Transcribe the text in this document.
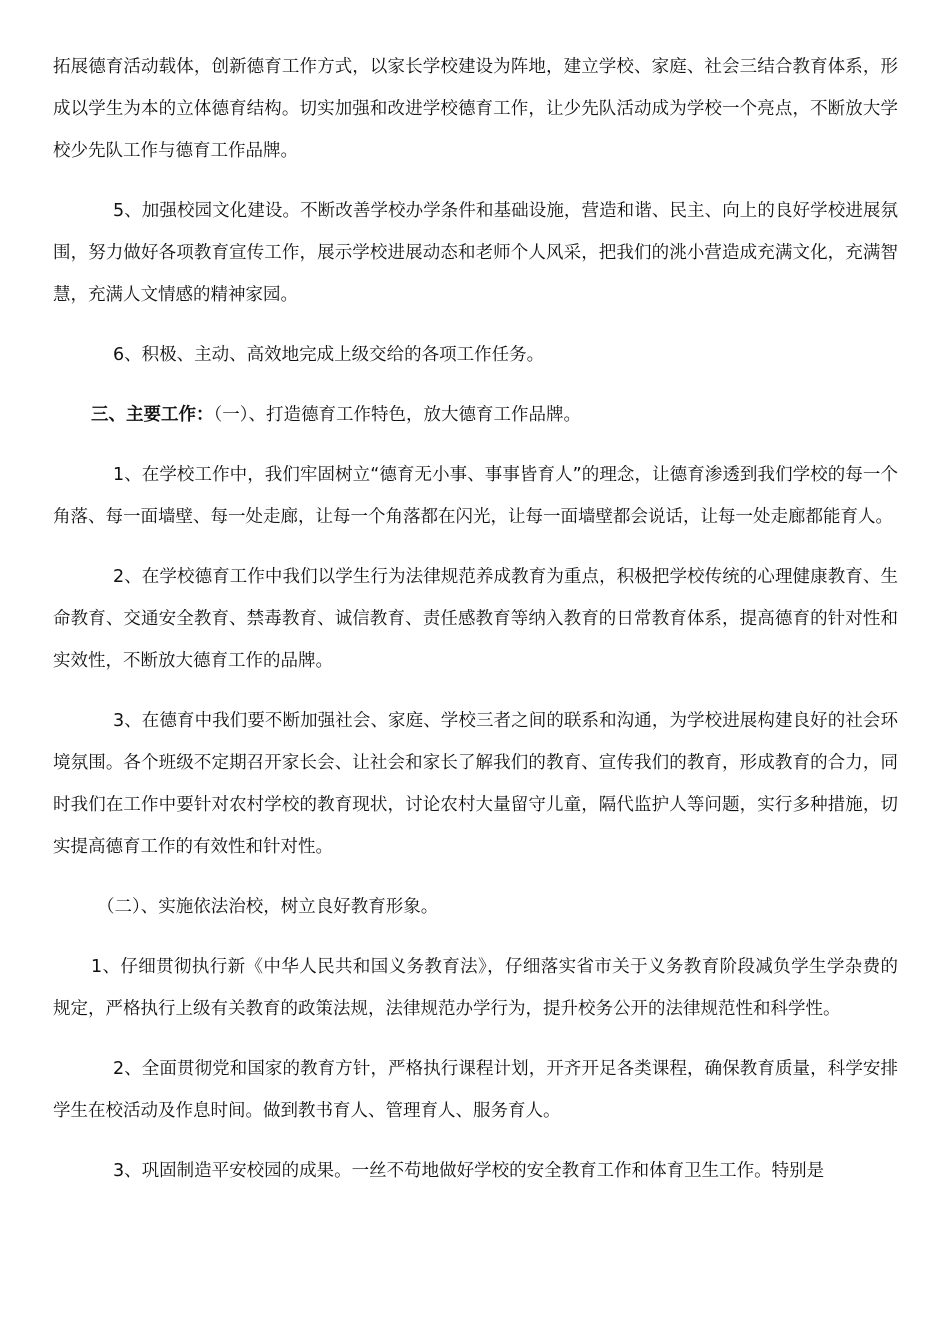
拓展德育活动载体，创新德育工作方式，以家长学校建设为阵地，建立学校、家庭、社会三结合教育体系，形成以学生为本的立体德育结构。切实加强和改进学校德育工作，让少先队活动成为学校一个亮点，不断放大学校少先队工作与德育工作品牌。

5、加强校园文化建设。不断改善学校办学条件和基础设施，营造和谐、民主、向上的良好学校进展氛围，努力做好各项教育宣传工作，展示学校进展动态和老师个人风采，把我们的洮小营造成充满文化，充满智慧，充满人文情感的精神家园。

6、积极、主动、高效地完成上级交给的各项工作任务。

三、主要工作：（一）、打造德育工作特色，放大德育工作品牌。

1、在学校工作中，我们牢固树立“德育无小事、事事皆育人”的理念，让德育渗透到我们学校的每一个角落、每一面墙壁、每一处走廊，让每一个角落都在闪光，让每一面墙壁都会说话，让每一处走廊都能育人。

2、在学校德育工作中我们以学生行为法律规范养成教育为重点，积极把学校传统的心理健康教育、生命教育、交通安全教育、禁毒教育、诚信教育、责任感教育等纳入教育的日常教育体系，提高德育的针对性和实效性，不断放大德育工作的品牌。

3、在德育中我们要不断加强社会、家庭、学校三者之间的联系和沟通，为学校进展构建良好的社会环境氛围。各个班级不定期召开家长会、让社会和家长了解我们的教育、宣传我们的教育，形成教育的合力，同时我们在工作中要针对农村学校的教育现状，讨论农村大量留守儿童，隔代监护人等问题，实行多种措施，切实提高德育工作的有效性和针对性。

（二）、实施依法治校，树立良好教育形象。

1、仔细贯彻执行新《中华人民共和国义务教育法》，仔细落实省市关于义务教育阶段减负学生学杂费的规定，严格执行上级有关教育的政策法规，法律规范办学行为，提升校务公开的法律规范性和科学性。

2、全面贯彻党和国家的教育方针，严格执行课程计划，开齐开足各类课程，确保教育质量，科学安排学生在校活动及作息时间。做到教书育人、管理育人、服务育人。

3、巩固制造平安校园的成果。一丝不苟地做好学校的安全教育工作和体育卫生工作。特别是
